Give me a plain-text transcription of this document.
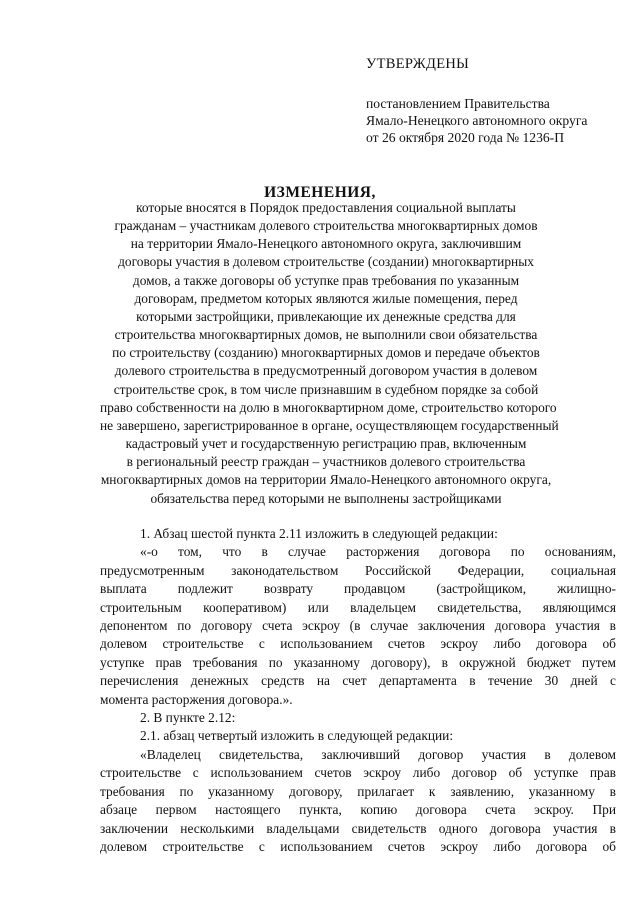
УТВЕРЖДЕНЫ
постановлением Правительства
Ямало-Ненецкого автономного округа
от 26 октября 2020 года № 1236-П
ИЗМЕНЕНИЯ,
которые вносятся в Порядок предоставления социальной выплаты
гражданам – участникам долевого строительства многоквартирных домов
на территории Ямало-Ненецкого автономного округа, заключившим
договоры участия в долевом строительстве (создании) многоквартирных
домов, а также договоры об уступке прав требования по указанным
договорам, предметом которых являются жилые помещения, перед
которыми застройщики, привлекающие их денежные средства для
строительства многоквартирных домов, не выполнили свои обязательства
по строительству (созданию) многоквартирных домов и передаче объектов
долевого строительства в предусмотренный договором участия в долевом
строительстве срок, в том числе признавшим в судебном порядке за собой
право собственности на долю в многоквартирном доме, строительство которого
не завершено, зарегистрированное в органе, осуществляющем государственный
кадастровый учет и государственную регистрацию прав, включенным
в региональный реестр граждан – участников долевого строительства
многоквартирных домов на территории Ямало-Ненецкого автономного округа,
обязательства перед которыми не выполнены застройщиками
1. Абзац шестой пункта 2.11 изложить в следующей редакции:
«-о том, что в случае расторжения договора по основаниям,
предусмотренным законодательством Российской Федерации, социальная
выплата подлежит возврату продавцом (застройщиком, жилищно-
строительным кооперативом) или владельцем свидетельства, являющимся
депонентом по договору счета эскроу (в случае заключения договора участия в
долевом строительстве с использованием счетов эскроу либо договора об
уступке прав требования по указанному договору), в окружной бюджет путем
перечисления денежных средств на счет департамента в течение 30 дней с
момента расторжения договора.».
2. В пункте 2.12:
2.1. абзац четвертый изложить в следующей редакции:
«Владелец свидетельства, заключивший договор участия в долевом
строительстве с использованием счетов эскроу либо договор об уступке прав
требования по указанному договору, прилагает к заявлению, указанному в
абзаце первом настоящего пункта, копию договора счета эскроу. При
заключении несколькими владельцами свидетельств одного договора участия в
долевом строительстве с использованием счетов эскроу либо договора об
